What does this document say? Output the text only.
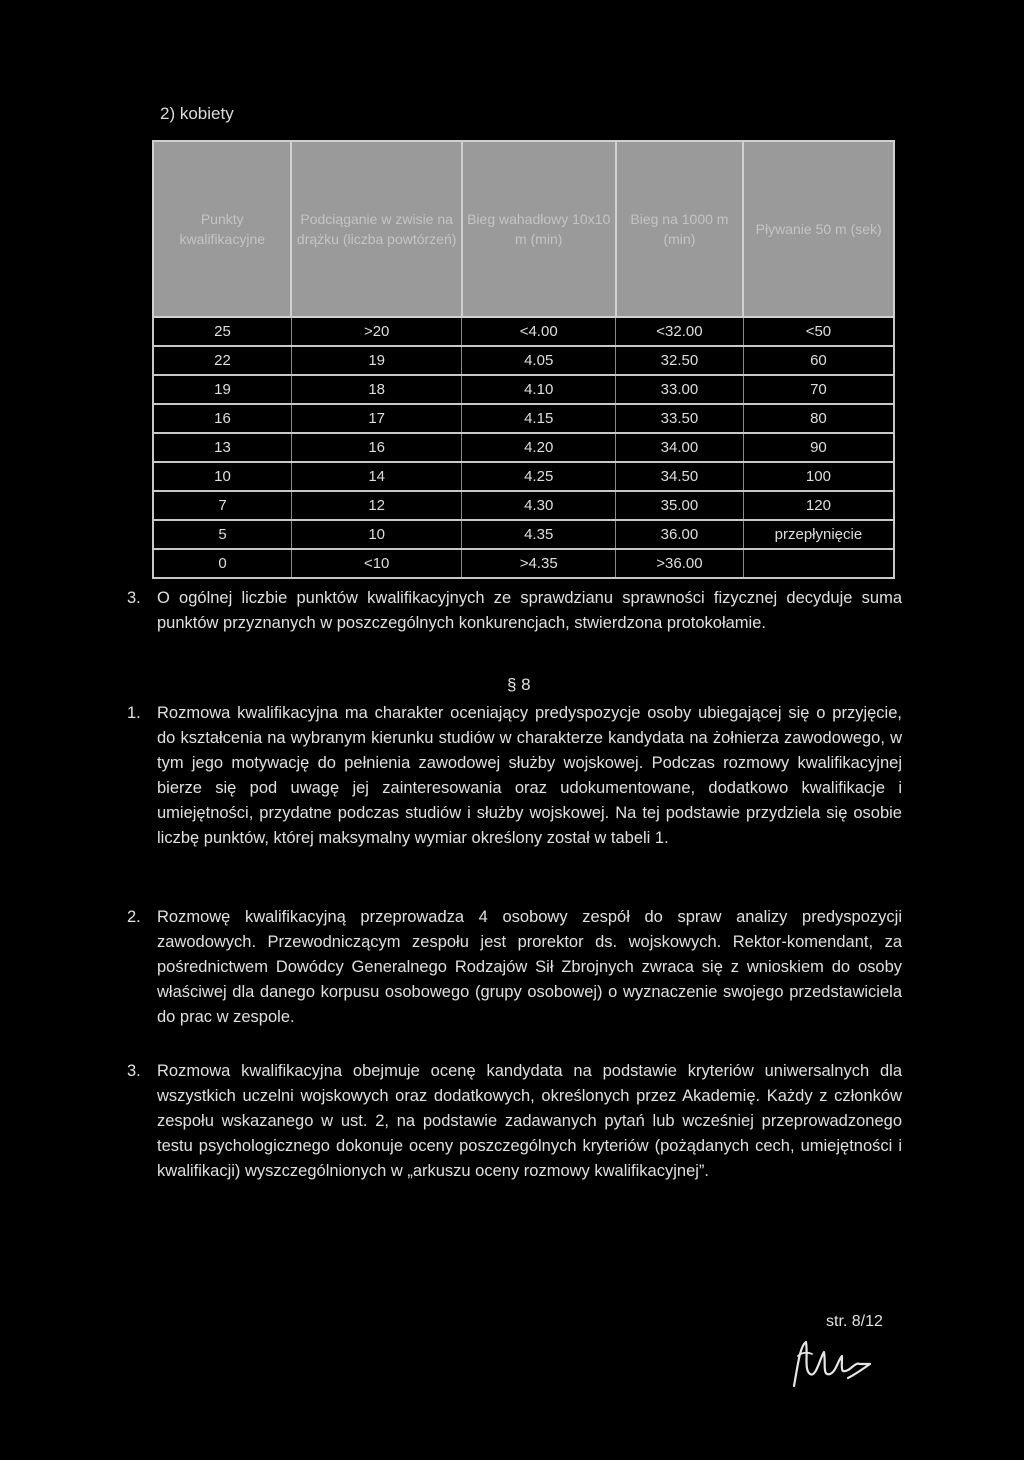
2) kobiety
Punkty kwalifikacyjne	Podciąganie w zwisie na drążku (liczba powtórzeń)	Bieg wahadłowy 10x10 m (min)	Bieg na 1000 m (min)	Pływanie 50 m (sek)
25	>20	<4.00	<32.00	<50
22	19	4.05	32.50	60
19	18	4.10	33.00	70
16	17	4.15	33.50	80
13	16	4.20	34.00	90
10	14	4.25	34.50	100
7	12	4.30	35.00	120
5	10	4.35	36.00	przepłynięcie
0	<10	>4.35	>36.00	
3. O ogólnej liczbie punktów kwalifikacyjnych ze sprawdzianu sprawności fizycznej decyduje suma punktów przyznanych w poszczególnych konkurencjach, stwierdzona protokołamie.
§ 8
1. Rozmowa kwalifikacyjna ma charakter oceniający predyspozycje osoby ubiegającej się o przyjęcie, do kształcenia na wybranym kierunku studiów w charakterze kandydata na żołnierza zawodowego, w tym jego motywację do pełnienia zawodowej służby wojskowej. Podczas rozmowy kwalifikacyjnej bierze się pod uwagę jej zainteresowania oraz udokumentowane, dodatkowo kwalifikacje i umiejętności, przydatne podczas studiów i służby wojskowej. Na tej podstawie przydziela się osobie liczbę punktów, której maksymalny wymiar określony został w tabeli 1.
2. Rozmowę kwalifikacyjną przeprowadza 4 osobowy zespół do spraw analizy predyspozycji zawodowych. Przewodniczącym zespołu jest prorektor ds. wojskowych. Rektor-komendant, za pośrednictwem Dowódcy Generalnego Rodzajów Sił Zbrojnych zwraca się z wnioskiem do osoby właściwej dla danego korpusu osobowego (grupy osobowej) o wyznaczenie swojego przedstawiciela do prac w zespole.
3. Rozmowa kwalifikacyjna obejmuje ocenę kandydata na podstawie kryteriów uniwersalnych dla wszystkich uczelni wojskowych oraz dodatkowych, określonych przez Akademię. Każdy z członków zespołu wskazanego w ust. 2, na podstawie zadawanych pytań lub wcześniej przeprowadzonego testu psychologicznego dokonuje oceny poszczególnych kryteriów (pożądanych cech, umiejętności i kwalifikacji) wyszczególnionych w „arkuszu oceny rozmowy kwalifikacyjnej”.
str. 8/12
